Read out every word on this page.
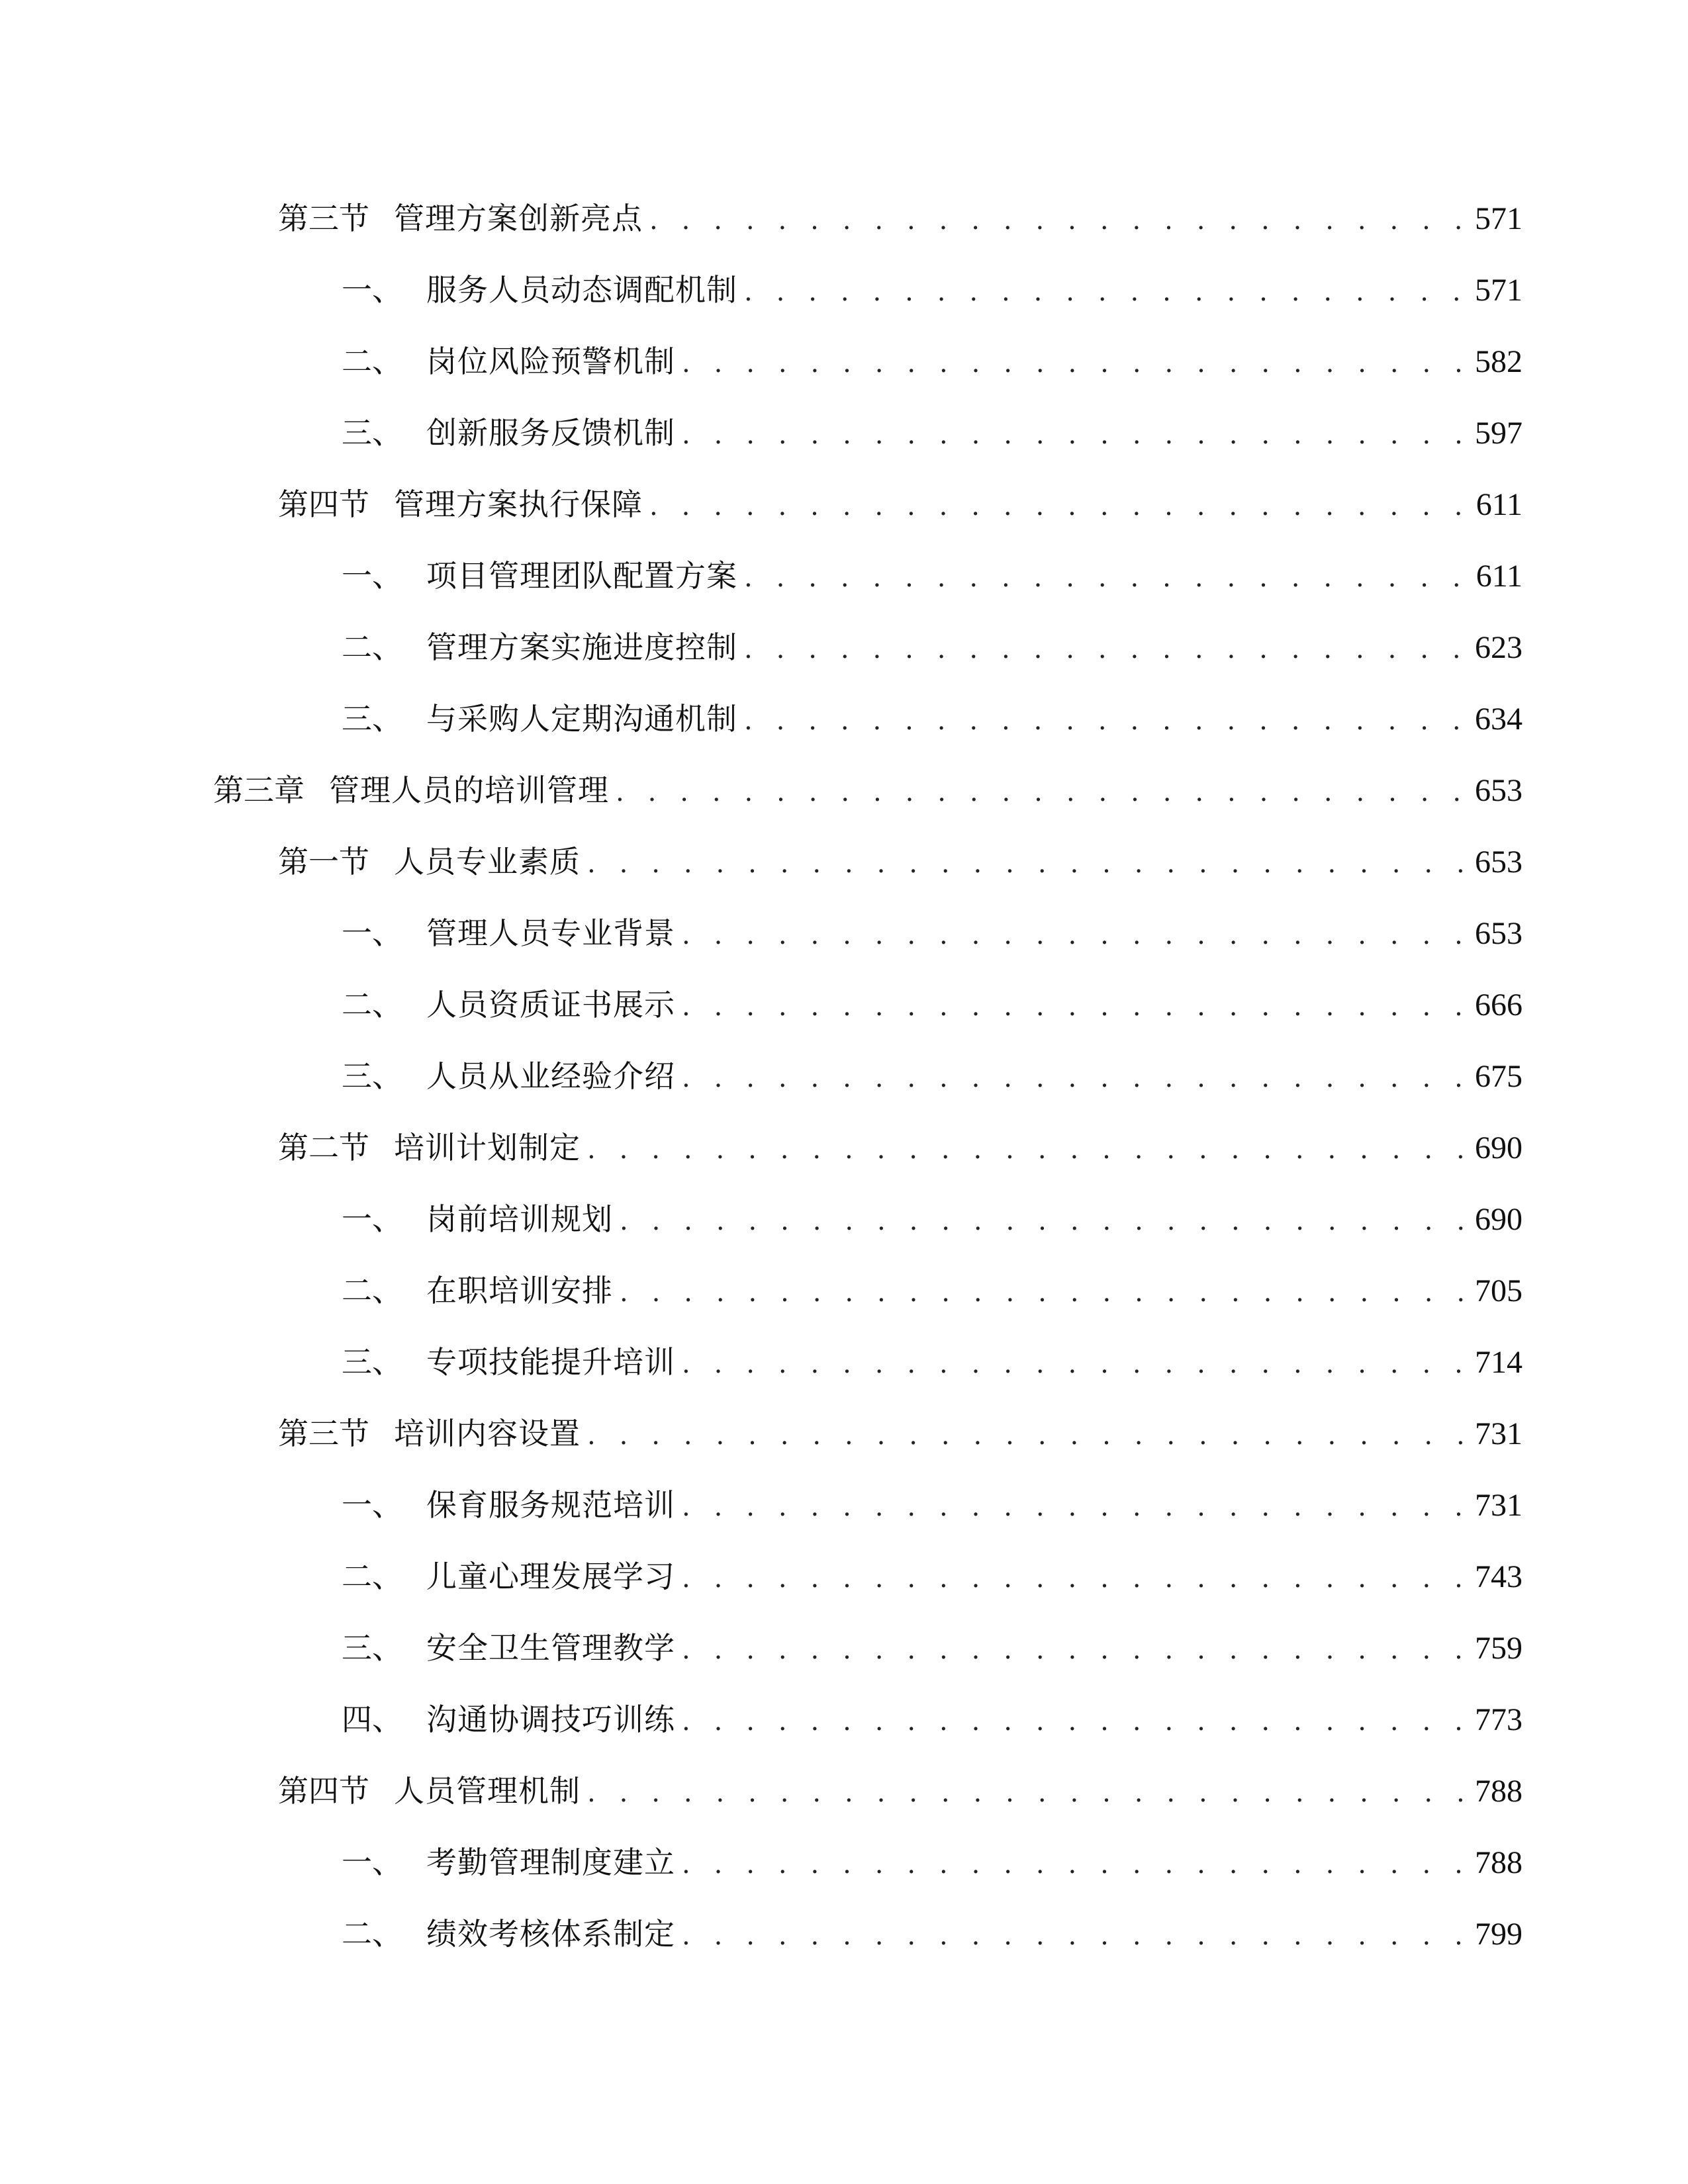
第三节 管理方案创新亮点 . . .	571
一、 服务人员动态调配机制 . . .	571
二、 岗位风险预警机制 . . .	582
三、 创新服务反馈机制 . . .	597
第四节 管理方案执行保障 . . .	611
一、 项目管理团队配置方案 . . .	611
二、 管理方案实施进度控制 . . .	623
三、 与采购人定期沟通机制 . . .	634
第三章 管理人员的培训管理 . . .	653
第一节 人员专业素质 . . .	653
一、 管理人员专业背景 . . .	653
二、 人员资质证书展示 . . .	666
三、 人员从业经验介绍 . . .	675
第二节 培训计划制定 . . .	690
一、 岗前培训规划 . . .	690
二、 在职培训安排 . . .	705
三、 专项技能提升培训 . . .	714
第三节 培训内容设置 . . .	731
一、 保育服务规范培训 . . .	731
二、 儿童心理发展学习 . . .	743
三、 安全卫生管理教学 . . .	759
四、 沟通协调技巧训练 . . .	773
第四节 人员管理机制 . . .	788
一、 考勤管理制度建立 . . .	788
二、 绩效考核体系制定 . . .	799
